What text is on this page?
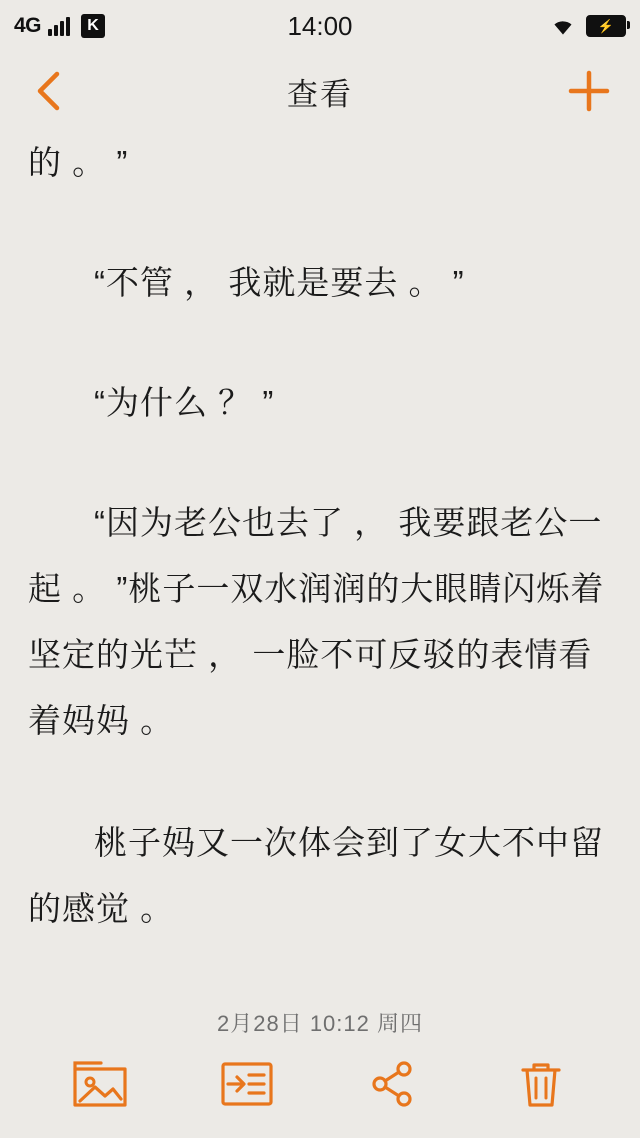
4G	K	14:00	⚡
查看

的 。 ”

“不管 ， 我就是要去 。 ”

“为什么 ？ ”

“因为老公也去了 ， 我要跟老公一起 。 ”桃子一双水润润的大眼睛闪烁着坚定的光芒 ， 一脸不可反驳的表情看着妈妈 。

桃子妈又一次体会到了女大不中留的感觉 。

2月28日 10:12 周四
